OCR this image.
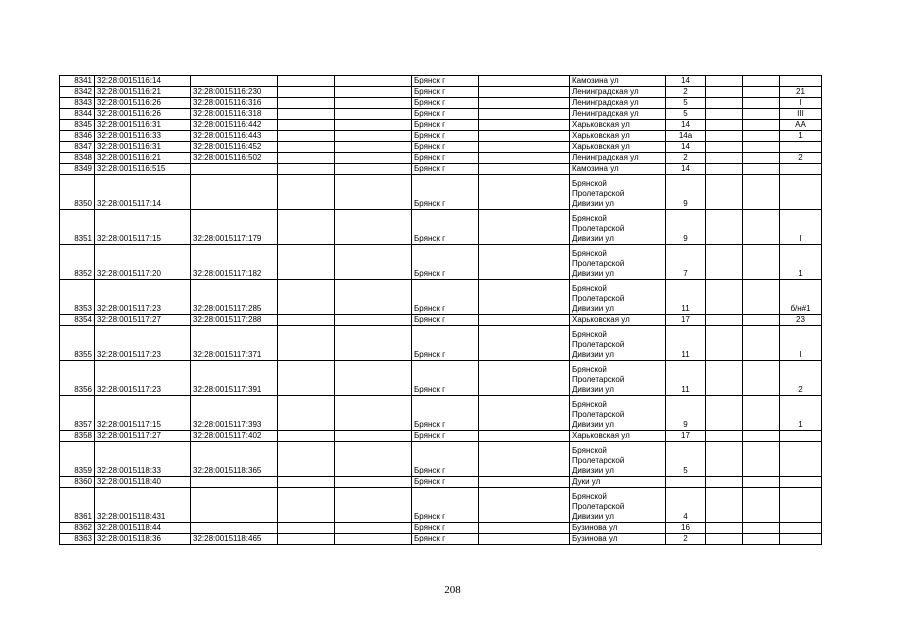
8341	32:28:0015116:14				Брянск г		Камозина ул	14			
8342	32:28:0015116:21	32:28:0015116:230			Брянск г		Ленинградская ул	2			21
8343	32:28:0015116:26	32:28:0015116:316			Брянск г		Ленинградская ул	5			I
8344	32:28:0015116:26	32:28:0015116:318			Брянск г		Ленинградская ул	5			III
8345	32:28:0015116:31	32:28:0015116:442			Брянск г		Харьковская ул	14			АА
8346	32:28:0015116:33	32:28:0015116:443			Брянск г		Харьковская ул	14а			1
8347	32:28:0015116:31	32:28:0015116:452			Брянск г		Харьковская ул	14			
8348	32:28:0015116:21	32:28:0015116:502			Брянск г		Ленинградская ул	2			2
8349	32:28:0015116:515				Брянск г		Камозина ул	14			
8350	32:28:0015117:14				Брянск г		Брянской
Пролетарской
Дивизии ул	9			
8351	32:28:0015117:15	32:28:0015117:179			Брянск г		Брянской
Пролетарской
Дивизии ул	9			I
8352	32:28:0015117:20	32:28:0015117:182			Брянск г		Брянской
Пролетарской
Дивизии ул	7			1
8353	32:28:0015117:23	32:28:0015117:285			Брянск г		Брянской
Пролетарской
Дивизии ул	11			б/н#1
8354	32:28:0015117:27	32:28:0015117:288			Брянск г		Харьковская ул	17			23
8355	32:28:0015117:23	32:28:0015117:371			Брянск г		Брянской
Пролетарской
Дивизии ул	11			I
8356	32:28:0015117:23	32:28:0015117:391			Брянск г		Брянской
Пролетарской
Дивизии ул	11			2
8357	32:28:0015117:15	32:28:0015117:393			Брянск г		Брянской
Пролетарской
Дивизии ул	9			1
8358	32:28:0015117:27	32:28:0015117:402			Брянск г		Харьковская ул	17			
8359	32:28:0015118:33	32:28:0015118:365			Брянск г		Брянской
Пролетарской
Дивизии ул	5			
8360	32:28:0015118:40				Брянск г		Дуки ул				
8361	32:28:0015118:431				Брянск г		Брянской
Пролетарской
Дивизии ул	4			
8362	32:28:0015118:44				Брянск г		Бузинова ул	16			
8363	32:28:0015118:36	32:28:0015118:465			Брянск г		Бузинова ул	2			
208
